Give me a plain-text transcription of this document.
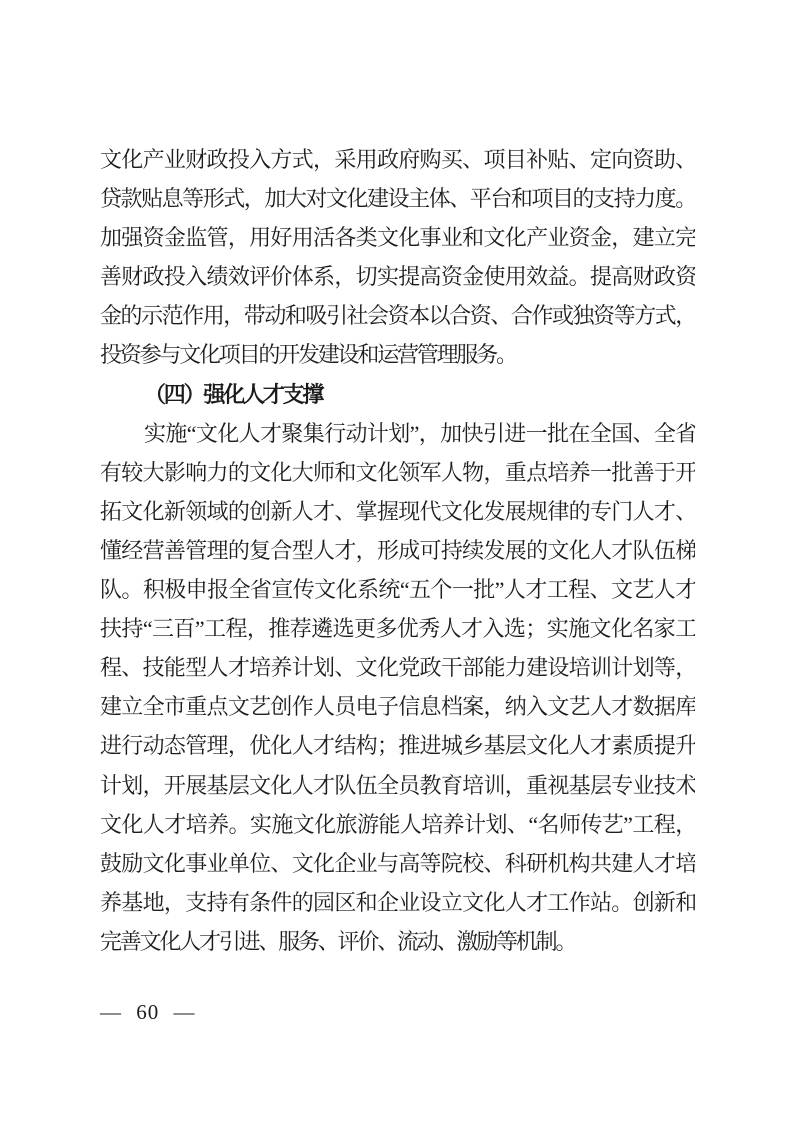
文化产业财政投入方式，采用政府购买、项目补贴、定向资助、
贷款贴息等形式，加大对文化建设主体、平台和项目的支持力度。
加强资金监管，用好用活各类文化事业和文化产业资金，建立完
善财政投入绩效评价体系，切实提高资金使用效益。提高财政资
金的示范作用，带动和吸引社会资本以合资、合作或独资等方式，
投资参与文化项目的开发建设和运营管理服务。
（四）强化人才支撑
实施“文化人才聚集行动计划”，加快引进一批在全国、全省
有较大影响力的文化大师和文化领军人物，重点培养一批善于开
拓文化新领域的创新人才、掌握现代文化发展规律的专门人才、
懂经营善管理的复合型人才，形成可持续发展的文化人才队伍梯
队。积极申报全省宣传文化系统“五个一批”人才工程、文艺人才
扶持“三百”工程，推荐遴选更多优秀人才入选；实施文化名家工
程、技能型人才培养计划、文化党政干部能力建设培训计划等，
建立全市重点文艺创作人员电子信息档案，纳入文艺人才数据库
进行动态管理，优化人才结构；推进城乡基层文化人才素质提升
计划，开展基层文化人才队伍全员教育培训，重视基层专业技术
文化人才培养。实施文化旅游能人培养计划、“名师传艺”工程，
鼓励文化事业单位、文化企业与高等院校、科研机构共建人才培
养基地，支持有条件的园区和企业设立文化人才工作站。创新和
完善文化人才引进、服务、评价、流动、激励等机制。
— 60 —
